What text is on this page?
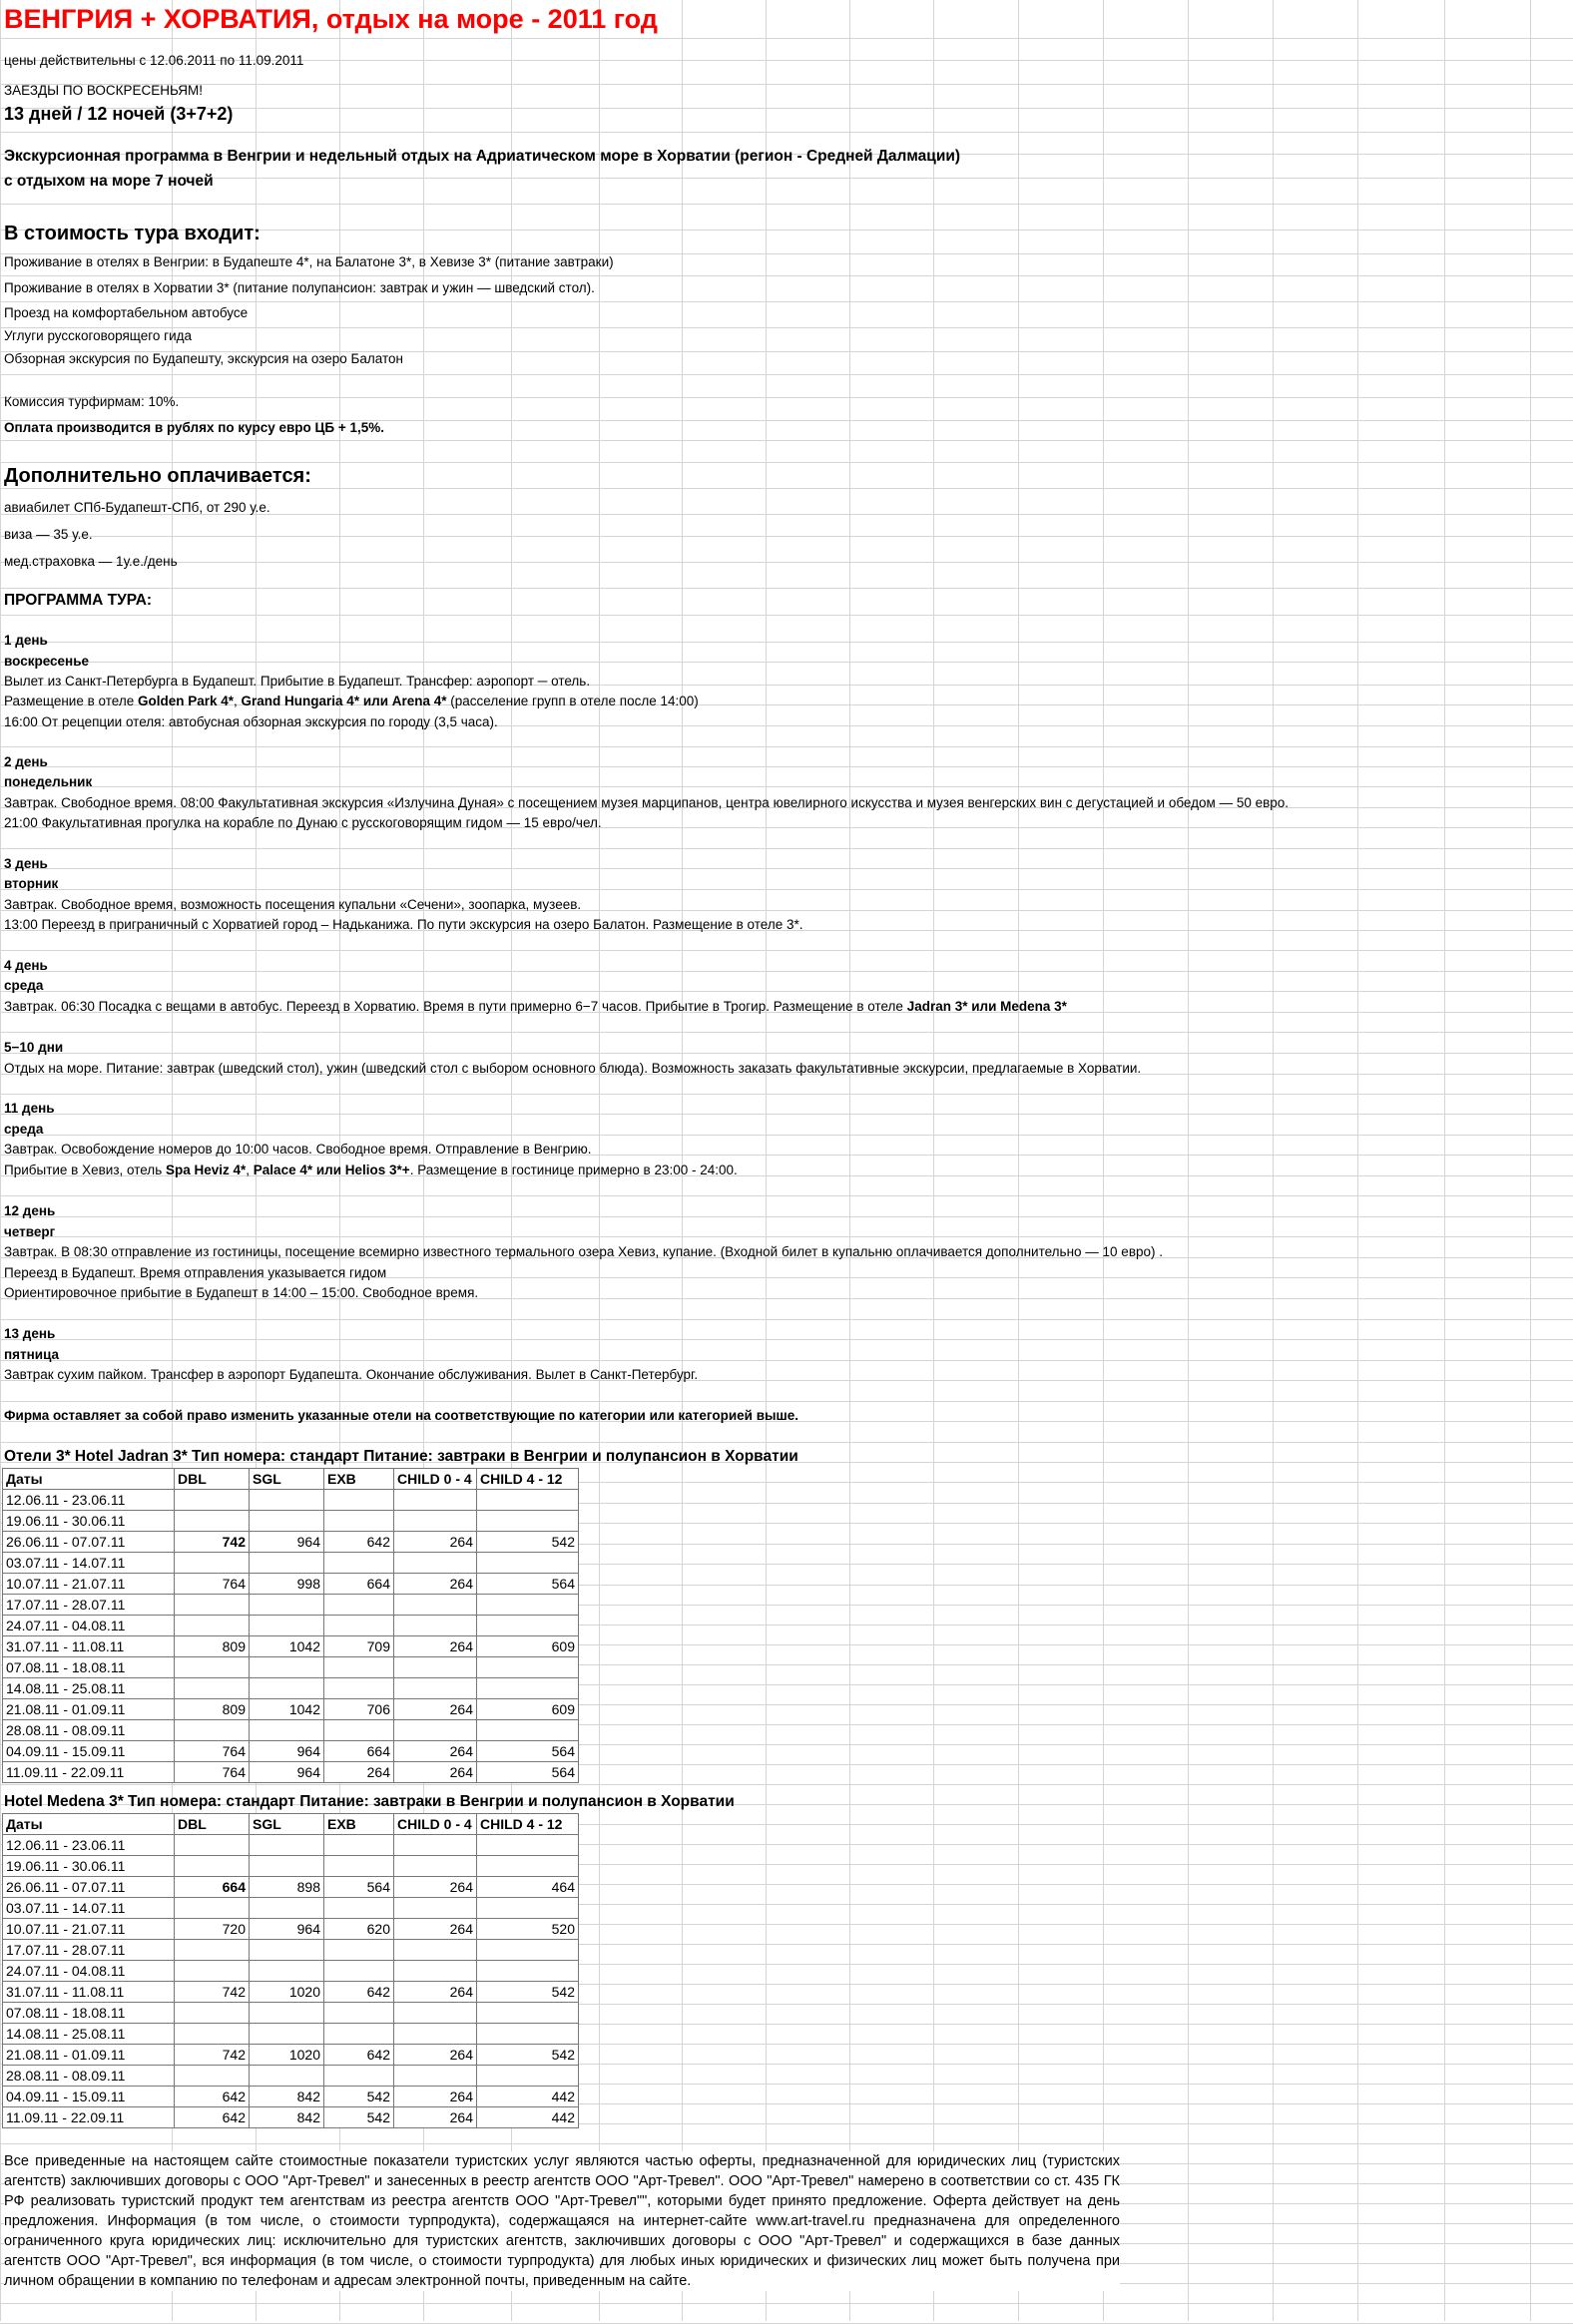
ВЕНГРИЯ + ХОРВАТИЯ, отдых на море - 2011 год
цены действительны с 12.06.2011 по 11.09.2011
ЗАЕЗДЫ ПО ВОСКРЕСЕНЬЯМ!
13 дней / 12 ночей (3+7+2)
Экскурсионная программа в Венгрии и недельный отдых на Адриатическом море в Хорватии (регион - Средней Далмации)
с отдыхом на море 7 ночей
В стоимость тура входит:
Проживание в отелях в Венгрии: в Будапеште 4*, на Балатоне 3*, в Хевизе 3* (питание завтраки)
Проживание в отелях в Хорватии 3* (питание полупансион: завтрак и ужин — шведский стол).
Проезд на комфортабельном автобусе
Углуги русскоговорящего гида
Обзорная экскурсия по Будапешту, экскурсия на озеро Балатон
Комиссия турфирмам: 10%.
Оплата производится в рублях по курсу евро ЦБ + 1,5%.
Дополнительно оплачивается:
авиабилет СПб-Будапешт-СПб, от 290 у.е.
виза — 35 у.е.
мед.страховка — 1у.е./день
ПРОГРАММА ТУРА:
1 день
воскресенье
Вылет из Санкт-Петербурга в Будапешт. Прибытие в Будапешт. Трансфер: аэропорт ─ отель.
Размещение в отеле Golden Park 4*, Grand Hungaria 4* или Arena 4* (расселение групп в отеле после 14:00)
16:00 От рецепции отеля: автобусная обзорная экскурсия по городу (3,5 часа).
2 день
понедельник
Завтрак. Свободное время. 08:00 Факультативная экскурсия «Излучина Дуная» с посещением музея марципанов, центра ювелирного искусства и музея венгерских вин с дегустацией и обедом — 50 евро.
21:00 Факультативная прогулка на корабле по Дунаю с русскоговорящим гидом — 15 евро/чел.
3 день
вторник
Завтрак. Свободное время, возможность посещения купальни «Сечени», зоопарка, музеев.
13:00 Переезд в приграничный с Хорватией город – Надьканижа. По пути экскурсия на озеро Балатон. Размещение в отеле 3*.
4 день
среда
Завтрак. 06:30 Посадка с вещами в автобус. Переезд в Хорватию. Время в пути примерно 6−7 часов. Прибытие в Трогир. Размещение в отеле Jadran 3* или Medena 3*
5−10 дни
Отдых на море. Питание: завтрак (шведский стол), ужин (шведский стол с выбором основного блюда). Возможность заказать факультативные экскурсии, предлагаемые в Хорватии.
11 день
среда
Завтрак. Освобождение номеров до 10:00 часов. Свободное время. Отправление в Венгрию.
Прибытие в Хевиз, отель Spa Heviz 4*, Palace 4* или Helios 3*+. Размещение в гостинице примерно в 23:00 - 24:00.
12 день
четверг
Завтрак. В 08:30 отправление из гостиницы, посещение всемирно известного термального озера Хевиз, купание. (Входной билет в купальню оплачивается дополнительно — 10 евро) .
Переезд в Будапешт. Время отправления указывается гидом
Ориентировочное прибытие в Будапешт в 14:00 – 15:00. Свободное время.
13 день
пятница
Завтрак сухим пайком. Трансфер в аэропорт Будапешта. Окончание обслуживания. Вылет в Санкт-Петербург.
Фирма оставляет за собой право изменить указанные отели на соответствующие по категории или категорией выше.
Отели 3* Hotel Jadran 3* Тип номера: стандарт Питание: завтраки в Венгрии и полупансион в Хорватии
Даты	DBL	SGL	EXB	CHILD 0 - 4	CHILD 4 - 12
12.06.11 - 23.06.11					
19.06.11 - 30.06.11					
26.06.11 - 07.07.11	742	964	642	264	542
03.07.11 - 14.07.11					
10.07.11 - 21.07.11	764	998	664	264	564
17.07.11 - 28.07.11					
24.07.11 - 04.08.11					
31.07.11 - 11.08.11	809	1042	709	264	609
07.08.11 - 18.08.11					
14.08.11 - 25.08.11					
21.08.11 - 01.09.11	809	1042	706	264	609
28.08.11 - 08.09.11					
04.09.11 - 15.09.11	764	964	664	264	564
11.09.11 - 22.09.11	764	964	264	264	564
Hotel Medena 3* Тип номера: стандарт Питание: завтраки в Венгрии и полупансион в Хорватии
Даты	DBL	SGL	EXB	CHILD 0 - 4	CHILD 4 - 12
12.06.11 - 23.06.11					
19.06.11 - 30.06.11					
26.06.11 - 07.07.11	664	898	564	264	464
03.07.11 - 14.07.11					
10.07.11 - 21.07.11	720	964	620	264	520
17.07.11 - 28.07.11					
24.07.11 - 04.08.11					
31.07.11 - 11.08.11	742	1020	642	264	542
07.08.11 - 18.08.11					
14.08.11 - 25.08.11					
21.08.11 - 01.09.11	742	1020	642	264	542
28.08.11 - 08.09.11					
04.09.11 - 15.09.11	642	842	542	264	442
11.09.11 - 22.09.11	642	842	542	264	442
Все приведенные на настоящем сайте стоимостные показатели туристских услуг являются частью оферты, предназначенной для юридических лиц (туристских агентств) заключивших договоры с ООО "Арт-Тревел" и занесенных в реестр агентств ООО "Арт-Тревел". ООО "Арт-Тревел" намерено в соответствии со ст. 435 ГК РФ реализовать туристский продукт тем агентствам из реестра агентств ООО "Арт-Тревел"", которыми будет принято предложение. Оферта действует на день предложения. Информация (в том числе, о стоимости турпродукта), содержащаяся на интернет-сайте www.art-travel.ru предназначена для определенного ограниченного круга юридических лиц: исключительно для туристских агентств, заключивших договоры с ООО "Арт-Тревел" и содержащихся в базе данных агентств ООО "Арт-Тревел", вся информация (в том числе, о стоимости турпродукта) для любых иных юридических и физических лиц может быть получена при личном обращении в компанию по телефонам и адресам электронной почты, приведенным на сайте.
